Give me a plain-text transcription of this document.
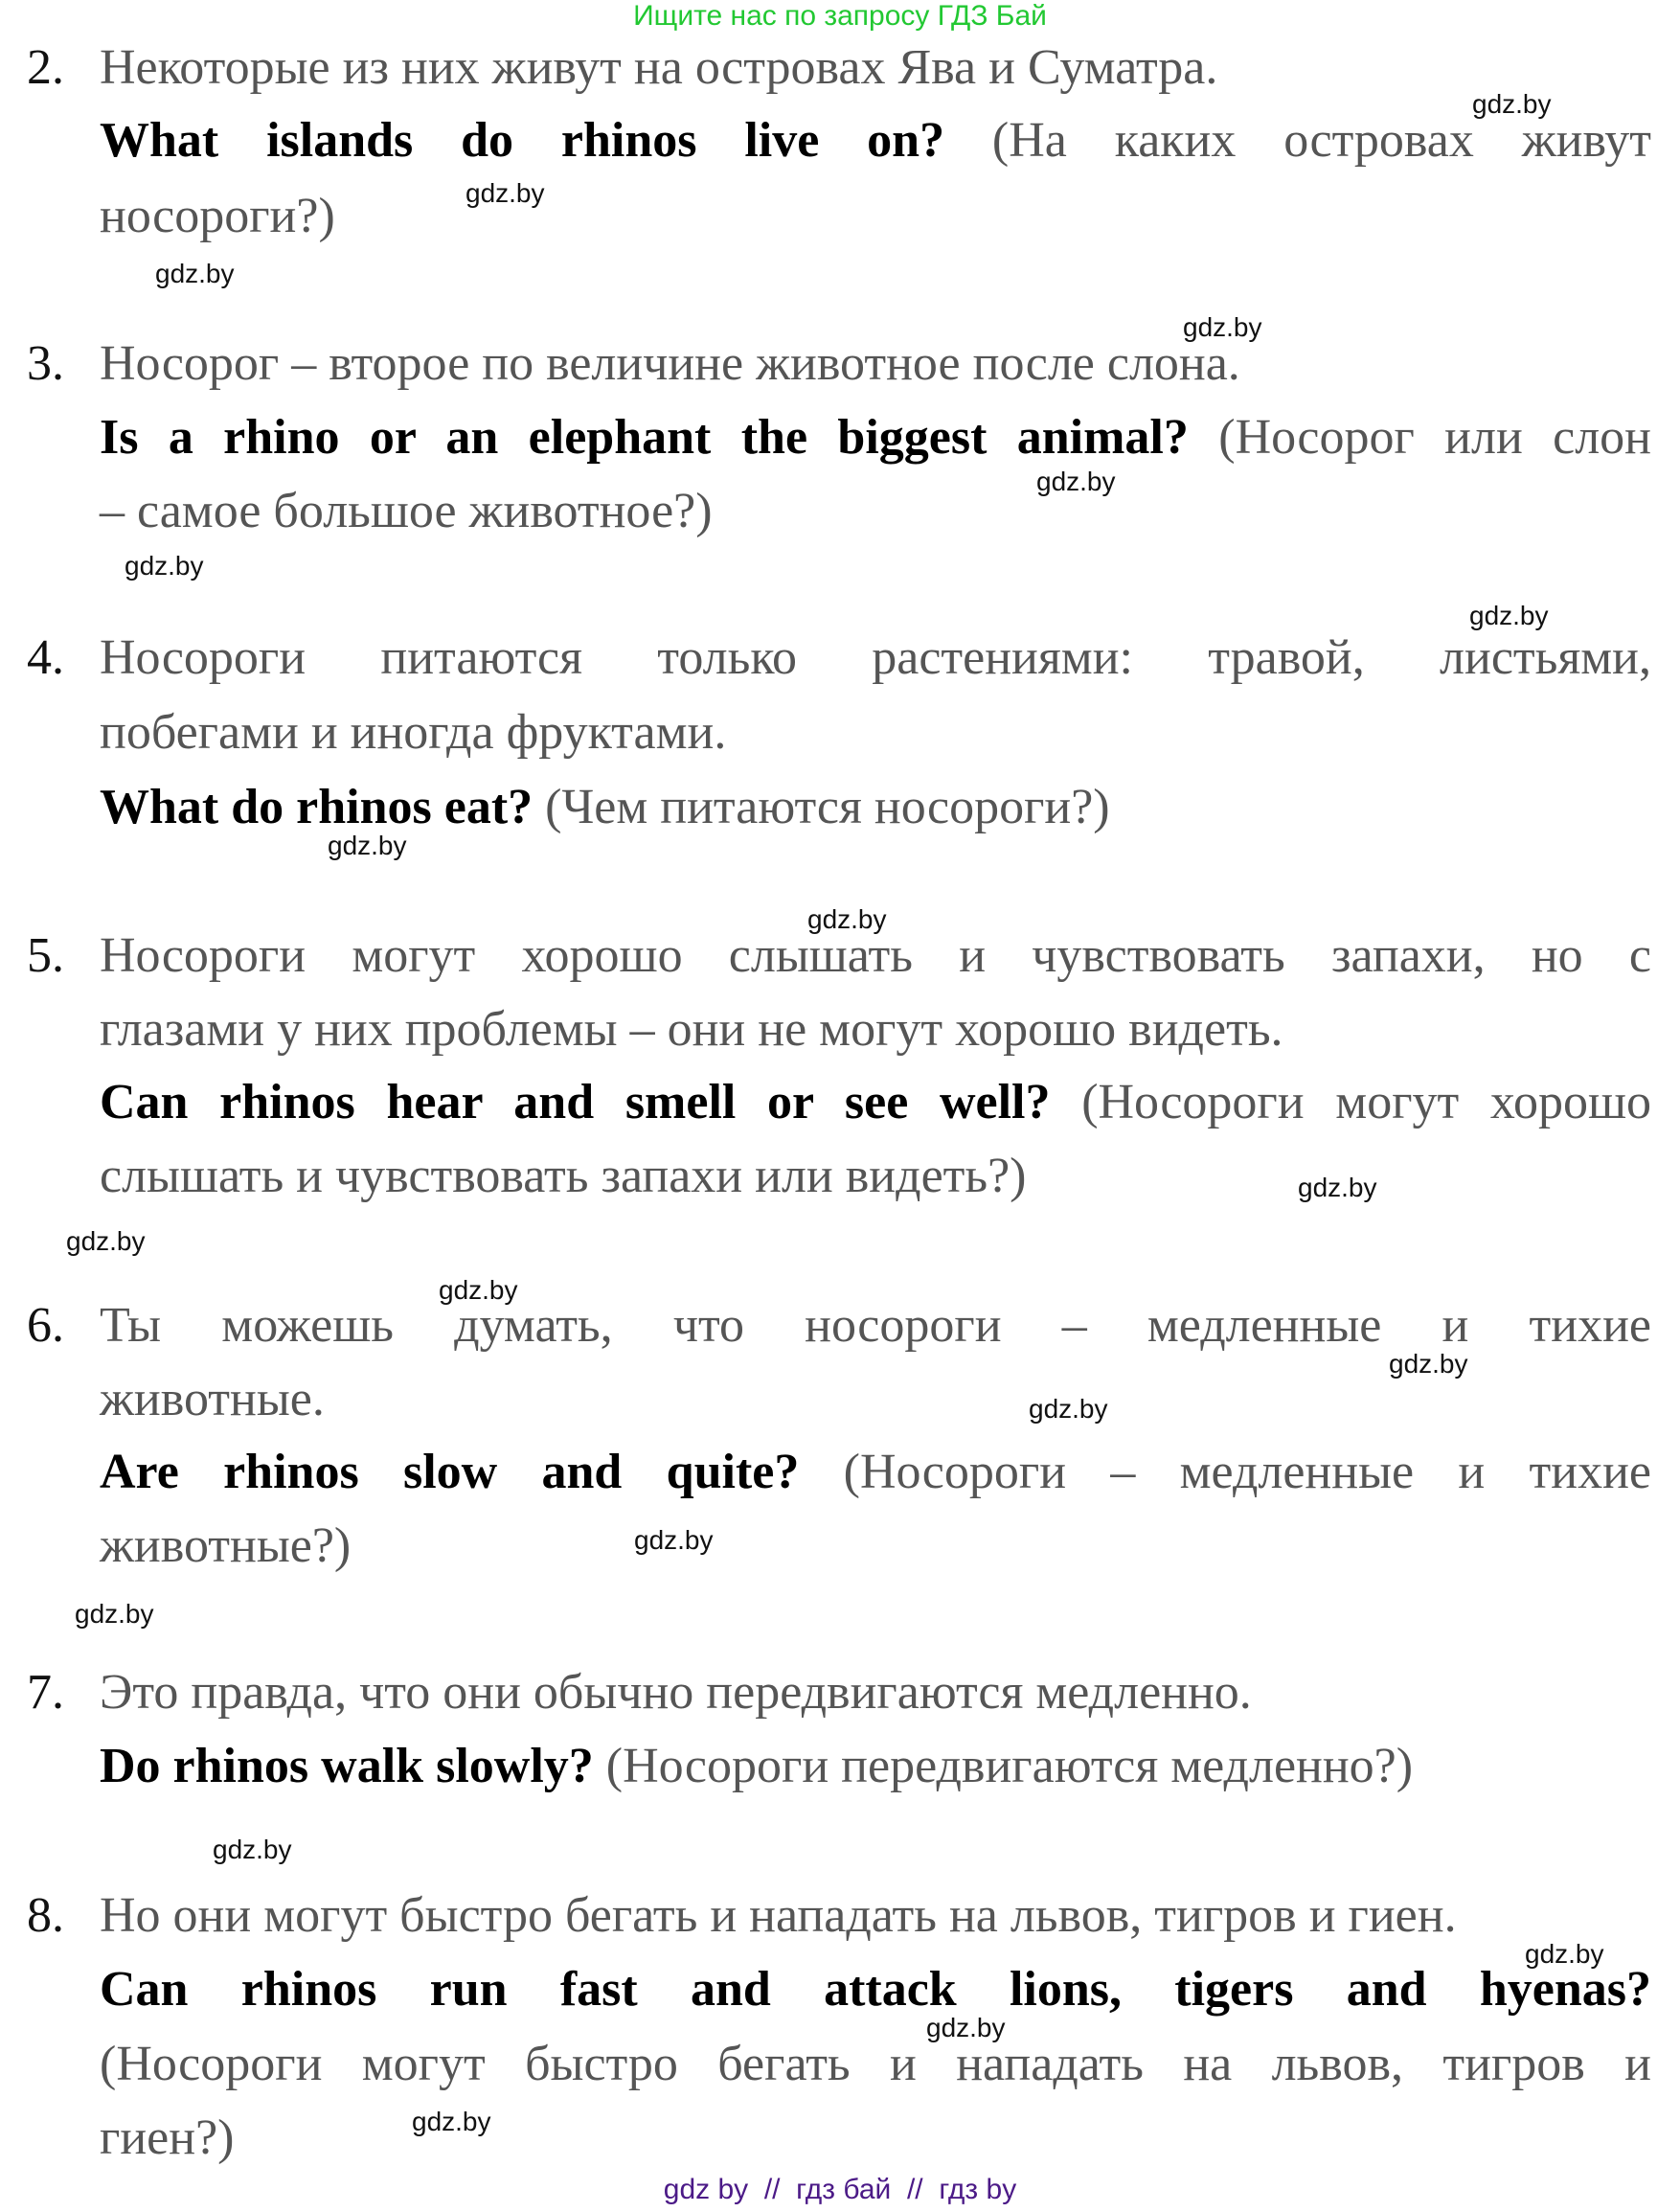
Ищите нас по запросу ГДЗ Бай
2. Некоторые из них живут на островах Ява и Суматра.
What islands do rhinos live on? (На каких островах живут
носороги?)
3. Носорог – второе по величине животное после слона.
Is a rhino or an elephant the biggest animal? (Носорог или слон
– самое большое животное?)
4. Носороги питаются только растениями: травой, листьями,
побегами и иногда фруктами.
What do rhinos eat? (Чем питаются носороги?)
5. Носороги могут хорошо слышать и чувствовать запахи, но с
глазами у них проблемы – они не могут хорошо видеть.
Can rhinos hear and smell or see well? (Носороги могут хорошо
слышать и чувствовать запахи или видеть?)
6. Ты можешь думать, что носороги – медленные и тихие
животные.
Are rhinos slow and quite? (Носороги – медленные и тихие
животные?)
7. Это правда, что они обычно передвигаются медленно.
Do rhinos walk slowly? (Носороги передвигаются медленно?)
8. Но они могут быстро бегать и нападать на львов, тигров и гиен.
Can rhinos run fast and attack lions, tigers and hyenas?
(Носороги могут быстро бегать и нападать на львов, тигров и
гиен?)
gdz.by
gdz.by
gdz.by
gdz.by
gdz.by
gdz.by
gdz.by
gdz.by
gdz.by
gdz.by
gdz.by
gdz.by
gdz.by
gdz.by
gdz.by
gdz.by
gdz.by
gdz.by
gdz.by
gdz.by
gdz by  //  гдз бай  //  гдз by
